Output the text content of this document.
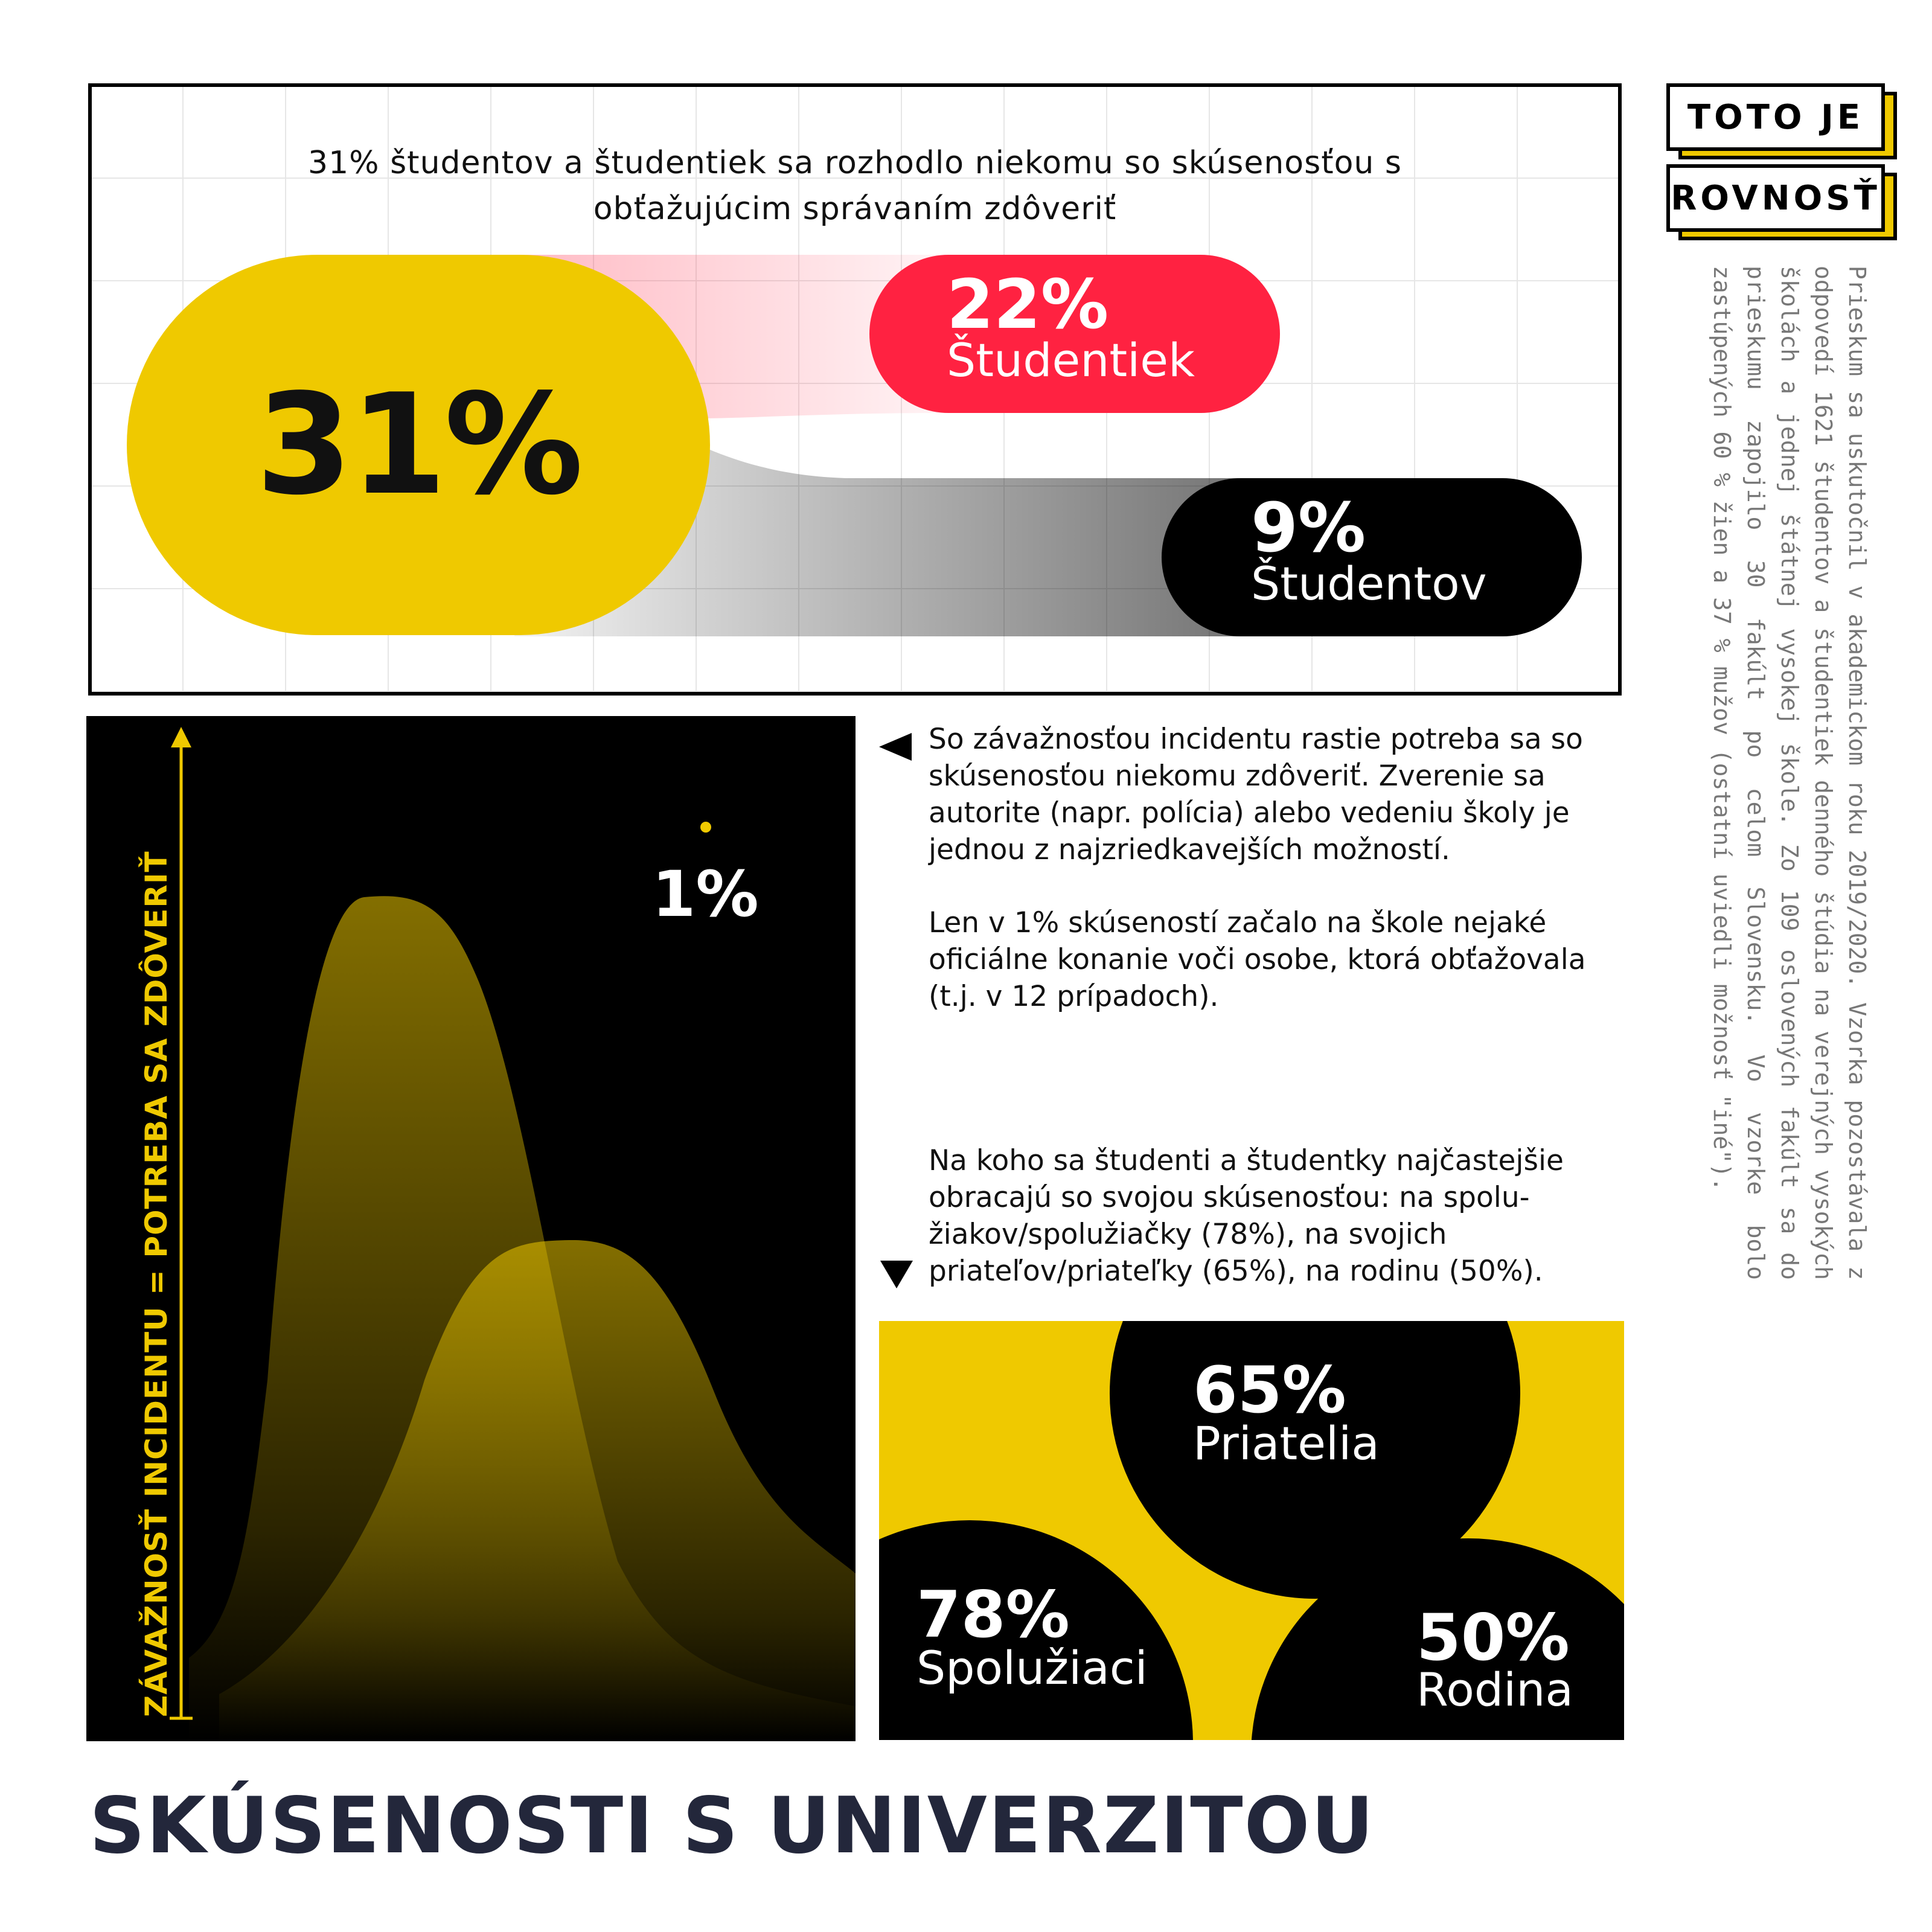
31% študentov a študentiek sa rozhodlo niekomu so skúsenosťou s
obťažujúcim správaním zdôveriť
31%
22%
Študentiek
9%
Študentov
TOTO JE
ROVNOSŤ
Prieskum sa uskutočnil v akademickom roku 2019/2020. Vzorka pozostávala z odpovedí 1621 študentov a študentiek denného štúdia na verejných vysokých školách a jednej štátnej vysokej škole. Zo 109 oslovených fakúlt sa do prieskumu zapojilo 30 fakúlt po celom Slovensku. Vo vzorke bolo zastúpených 60 % žien a 37 % mužov (ostatní uviedli možnosť "iné").
ZÁVAŽNOSŤ INCIDENTU = POTREBA SA ZDÔVERIŤ	1%
So závažnosťou incidentu rastie potreba sa so skúsenosťou niekomu zdôveriť. Zverenie sa autorite (napr. polícia) alebo vedeniu školy je jednou z najzriedkavejších možností.
Len v 1% skúseností začalo na škole nejaké oficiálne konanie voči osobe, ktorá obťažovala (t.j. v 12 prípadoch).
Na koho sa študenti a študentky najčastejšie obracajú so svojou skúsenosťou: na spolu-žiakov/spolužiačky (78%), na svojich priateľov/priateľky (65%), na rodinu (50%).
65%
Priatelia
78%
Spolužiaci	50%
Rodina
SKÚSENOSTI S UNIVERZITOU
